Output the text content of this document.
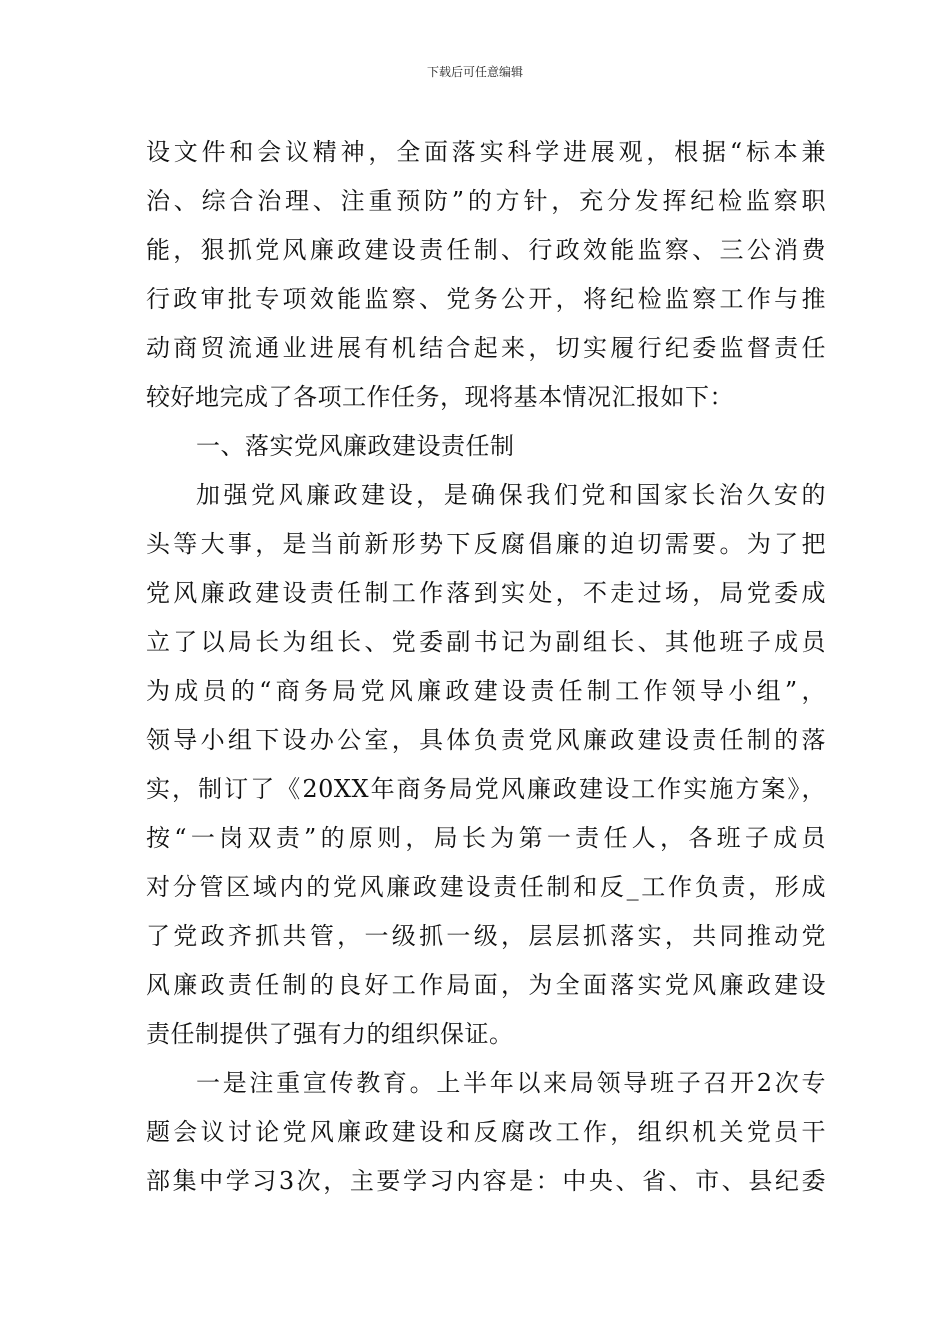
下载后可任意编辑
设文件和会议精神，全面落实科学进展观，根据“标本兼
治、综合治理、注重预防”的方针，充分发挥纪检监察职
能，狠抓党风廉政建设责任制、行政效能监察、三公消费
行政审批专项效能监察、党务公开，将纪检监察工作与推
动商贸流通业进展有机结合起来，切实履行纪委监督责任
较好地完成了各项工作任务，现将基本情况汇报如下：
一、落实党风廉政建设责任制
加强党风廉政建设，是确保我们党和国家长治久安的
头等大事，是当前新形势下反腐倡廉的迫切需要。为了把
党风廉政建设责任制工作落到实处，不走过场，局党委成
立了以局长为组长、党委副书记为副组长、其他班子成员
为成员的“商务局党风廉政建设责任制工作领导小组”，
领导小组下设办公室，具体负责党风廉政建设责任制的落
实，制订了《20XX年商务局党风廉政建设工作实施方案》，
按“一岗双责”的原则，局长为第一责任人，各班子成员
对分管区域内的党风廉政建设责任制和反_工作负责，形成
了党政齐抓共管，一级抓一级，层层抓落实，共同推动党
风廉政责任制的良好工作局面，为全面落实党风廉政建设
责任制提供了强有力的组织保证。
一是注重宣传教育。上半年以来局领导班子召开2次专
题会议讨论党风廉政建设和反腐改工作，组织机关党员干
部集中学习3次，主要学习内容是：中央、省、市、县纪委
